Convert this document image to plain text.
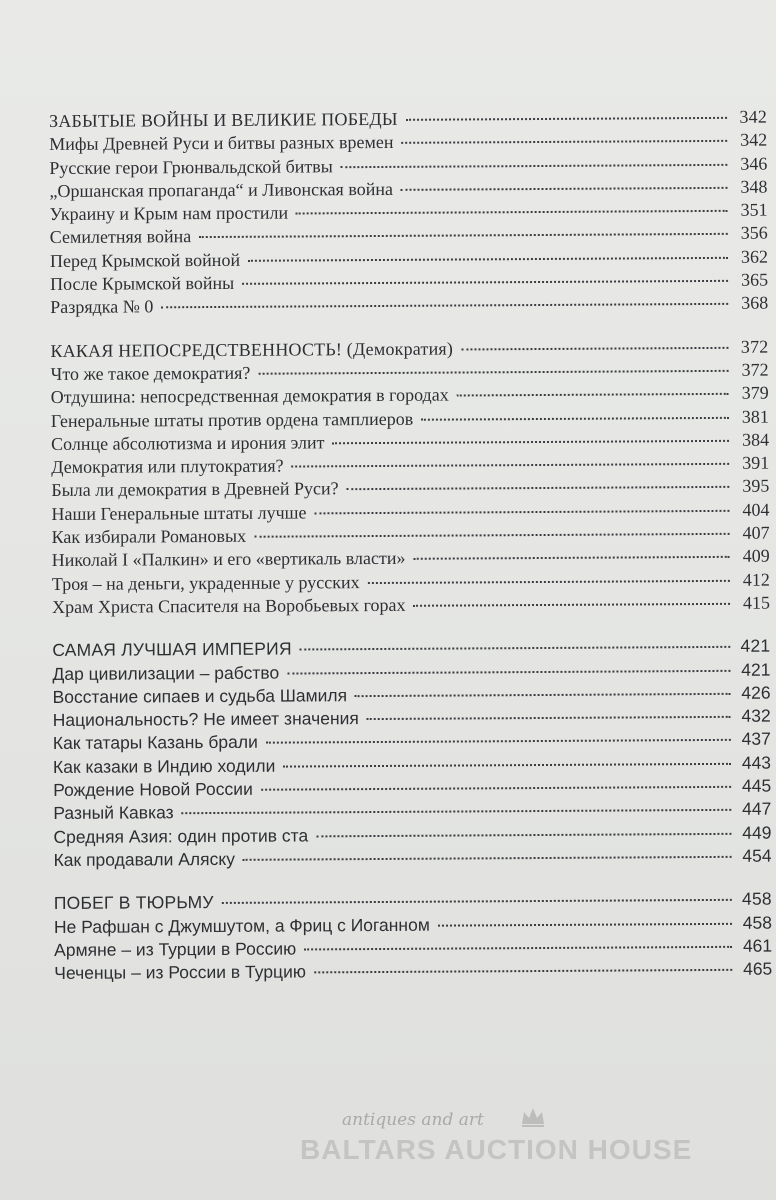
ЗАБЫТЫЕ ВОЙНЫ И ВЕЛИКИЕ ПОБЕДЫ	342
Мифы Древней Руси и битвы разных времен	342
Русские герои Грюнвальдской битвы	346
„Оршанская пропаганда“ и Ливонская война	348
Украину и Крым нам простили	351
Семилетняя война	356
Перед Крымской войной	362
После Крымской войны	365
Разрядка № 0	368
КАКАЯ НЕПОСРЕДСТВЕННОСТЬ! (Демократия)	372
Что же такое демократия?	372
Отдушина: непосредственная демократия в городах	379
Генеральные штаты против ордена тамплиеров	381
Солнце абсолютизма и ирония элит	384
Демократия или плутократия?	391
Была ли демократия в Древней Руси?	395
Наши Генеральные штаты лучше	404
Как избирали Романовых	407
Николай I «Палкин» и его «вертикаль власти»	409
Троя – на деньги, украденные у русских	412
Храм Христа Спасителя на Воробьевых горах	415
САМАЯ ЛУЧШАЯ ИМПЕРИЯ	421
Дар цивилизации – рабство	421
Восстание сипаев и судьба Шамиля	426
Национальность? Не имеет значения	432
Как татары Казань брали	437
Как казаки в Индию ходили	443
Рождение Новой России	445
Разный Кавказ	447
Средняя Азия: один против ста	449
Как продавали Аляску	454
ПОБЕГ В ТЮРЬМУ	458
Не Рафшан с Джумшутом, а Фриц с Иоганном	458
Армяне – из Турции в Россию	461
Чеченцы – из России в Турцию	465
antiques and art
BALTARS AUCTION HOUSE
